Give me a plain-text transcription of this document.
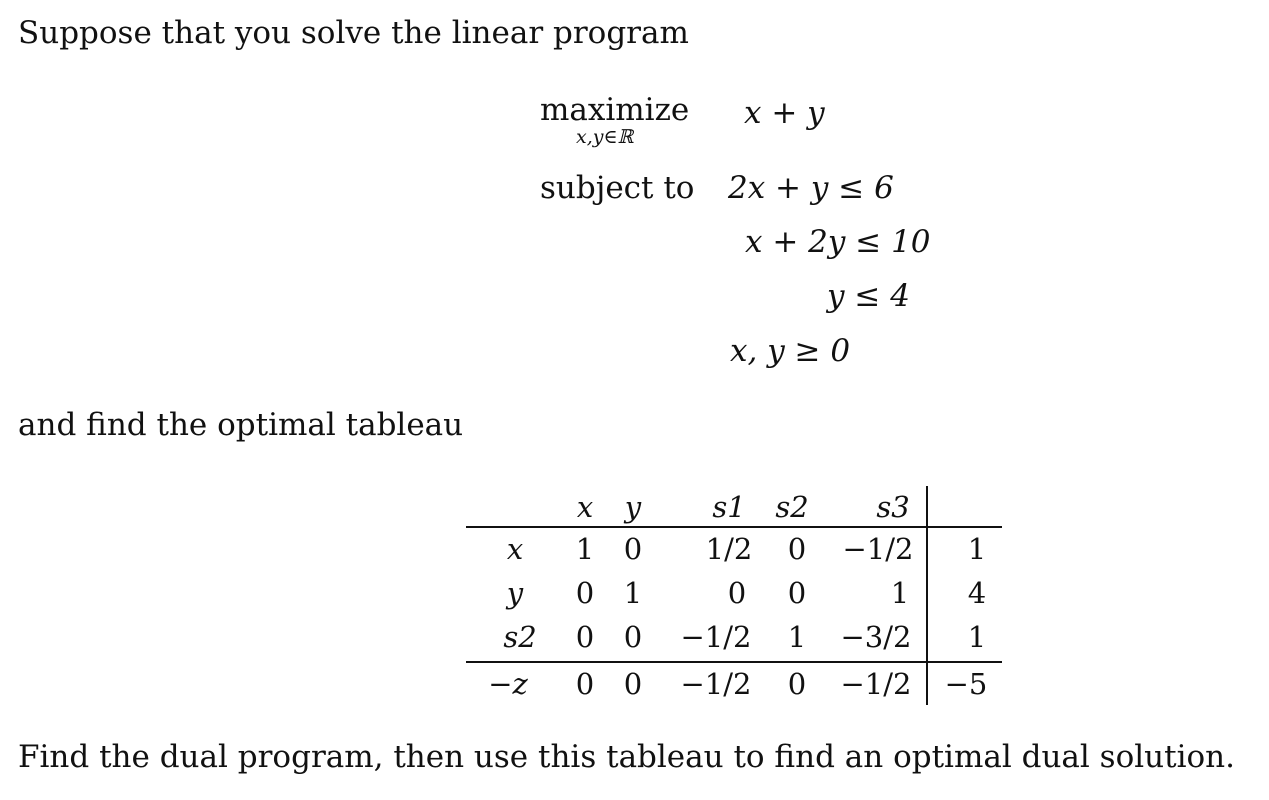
Suppose that you solve the linear program
maximize
x,y∈ℝ
x + y
subject to 2x + y ≤ 6
x + 2y ≤ 10
y ≤ 4
x, y ≥ 0
and find the optimal tableau
x y s1 s2 s3
x 1 0 1/2 0 −1/2 1
y 0 1	0 0	1 4
s2 0 0 −1/2 1 −3/2 1
−z 0 0 −1/2 0 −1/2 −5
Find the dual program, then use this tableau to find an optimal dual solution.
